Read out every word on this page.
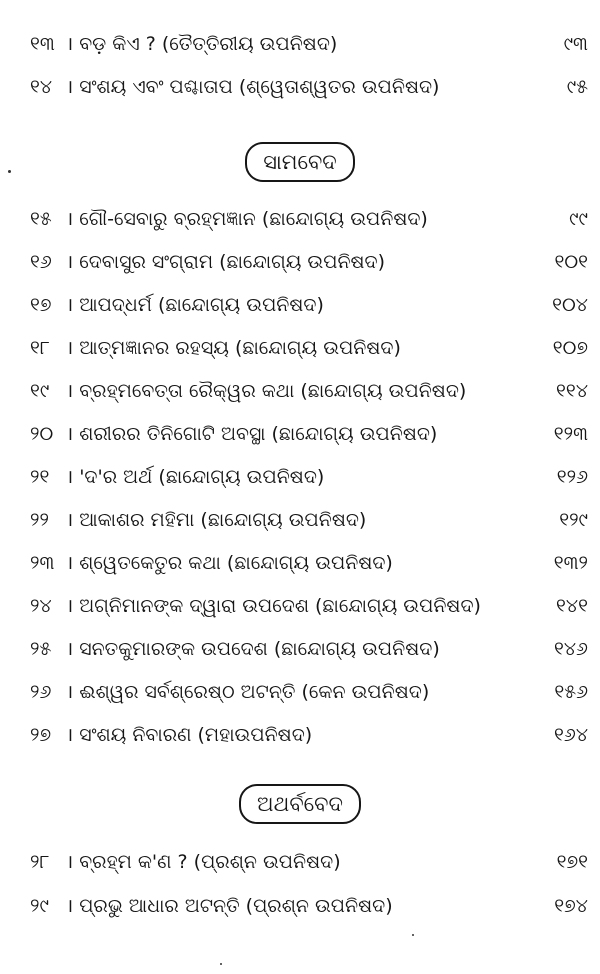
୧୩ । ବଡ଼ କିଏ ? (ତୈତ୍ତିରୀୟ ଉପନିଷଦ)	୯୩
୧୪ । ସଂଶୟ ଏବଂ ପଶ୍ଚାତାପ (ଶ୍ୱେତାଶ୍ୱତର ଉପନିଷଦ)	୯୫
ସାମବେଦ
୧୫ । ଗୌ-ସେବାରୁ ବ୍ରହ୍ମଜ୍ଞାନ (ଛାନ୍ଦୋଗ୍ୟ ଉପନିଷଦ)	୯୯
୧୬ । ଦେବାସୁର ସଂଗ୍ରାମ (ଛାନ୍ଦୋଗ୍ୟ ଉପନିଷଦ)	୧୦୧
୧୭ । ଆପଦ୍ଧର୍ମ (ଛାନ୍ଦୋଗ୍ୟ ଉପନିଷଦ)	୧୦୪
୧୮ । ଆତ୍ମଜ୍ଞାନର ରହସ୍ୟ (ଛାନ୍ଦୋଗ୍ୟ ଉପନିଷଦ)	୧୦୭
୧୯ । ବ୍ରହ୍ମବେତ୍ତା ରୈକ୍ୱର କଥା (ଛାନ୍ଦୋଗ୍ୟ ଉପନିଷଦ)	୧୧୪
୨୦ । ଶରୀରର ତିନିଗୋଟି ଅବସ୍ଥା (ଛାନ୍ଦୋଗ୍ୟ ଉପନିଷଦ)	୧୨୩
୨୧ । 'ଦ'ର ଅର୍ଥ (ଛାନ୍ଦୋଗ୍ୟ ଉପନିଷଦ)	୧୨୬
୨୨ । ଆକାଶର ମହିମା (ଛାନ୍ଦୋଗ୍ୟ ଉପନିଷଦ)	୧୨୯
୨୩ । ଶ୍ୱେତକେତୁର କଥା (ଛାନ୍ଦୋଗ୍ୟ ଉପନିଷଦ)	୧୩୨
୨୪ । ଅଗ୍ନିମାନଙ୍କ ଦ୍ୱାରା ଉପଦେଶ (ଛାନ୍ଦୋଗ୍ୟ ଉପନିଷଦ)	୧୪୧
୨୫ । ସନତକୁମାରଙ୍କ ଉପଦେଶ (ଛାନ୍ଦୋଗ୍ୟ ଉପନିଷଦ)	୧୪୬
୨୬ । ଈଶ୍ୱର ସର୍ବଶ୍ରେଷ୍ଠ ଅଟନ୍ତି (କେନ ଉପନିଷଦ)	୧୫୬
୨୭ । ସଂଶୟ ନିବାରଣ (ମହାଉପନିଷଦ)	୧୬୪
ଅଥର୍ବବେଦ
୨୮ । ବ୍ରହ୍ମ କ'ଣ ? (ପ୍ରଶ୍ନ ଉପନିଷଦ)	୧୭୧
୨୯ । ପ୍ରଭୁ ଆଧାର ଅଟନ୍ତି (ପ୍ରଶ୍ନ ଉପନିଷଦ)	୧୭୪
